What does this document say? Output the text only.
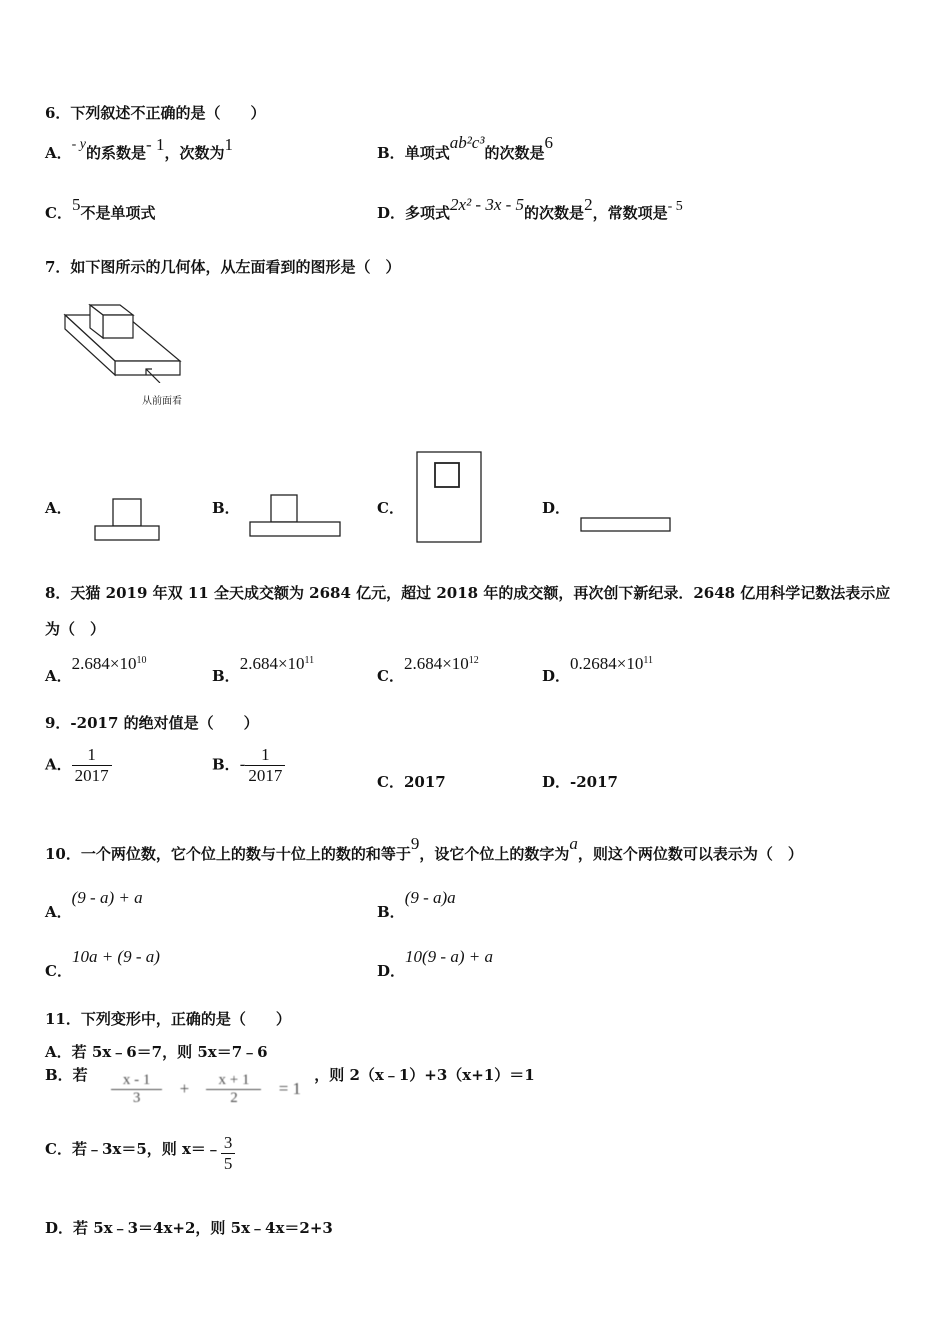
6．下列叙述不正确的是（　　）
A．- y的系数是- 1，次数为1	B．单项式ab²c³的次数是6
C．5不是单项式	D．多项式2x² - 3x - 5的次数是2，常数项是- 5
7．如下图所示的几何体，从左面看到的图形是（　）
从前面看
A．	B．	C．	D．
8．天猫 2019 年双 11 全天成交额为 2684 亿元，超过 2018 年的成交额，再次创下新纪录．2648 亿用科学记数法表示应
为（　）
A．$2.684\times 10^{10}$
B．$2.684\times 10^{11}$
C．$2.684\times 10^{12}$
D．$0.2684\times 10^{11}$
9．-2017 的绝对值是（　　）
A． $\frac{1}{2017}$	B．- $\frac{1}{2017}$	C．2017	D．-2017
10．一个两位数，它个位上的数与十位上的数的和等于9，设它个位上的数字为a，则这个两位数可以表示为（　）
A．(9 - a) + a
B．(9 - a)a
C．10a + (9 - a)
D．10(9 - a) + a
11．下列变形中，正确的是（　　）
A．若 5x﹣6＝7，则 5x＝7﹣6
B．若 $\frac{x - 1}{3} + \frac{x + 1}{2} = 1$ ，则 2（x﹣1）+3（x+1）＝1
C．若﹣3x＝5，则 x＝﹣ $\frac{3}{5}$
D．若 5x﹣3＝4x+2，则 5x﹣4x＝2+3
